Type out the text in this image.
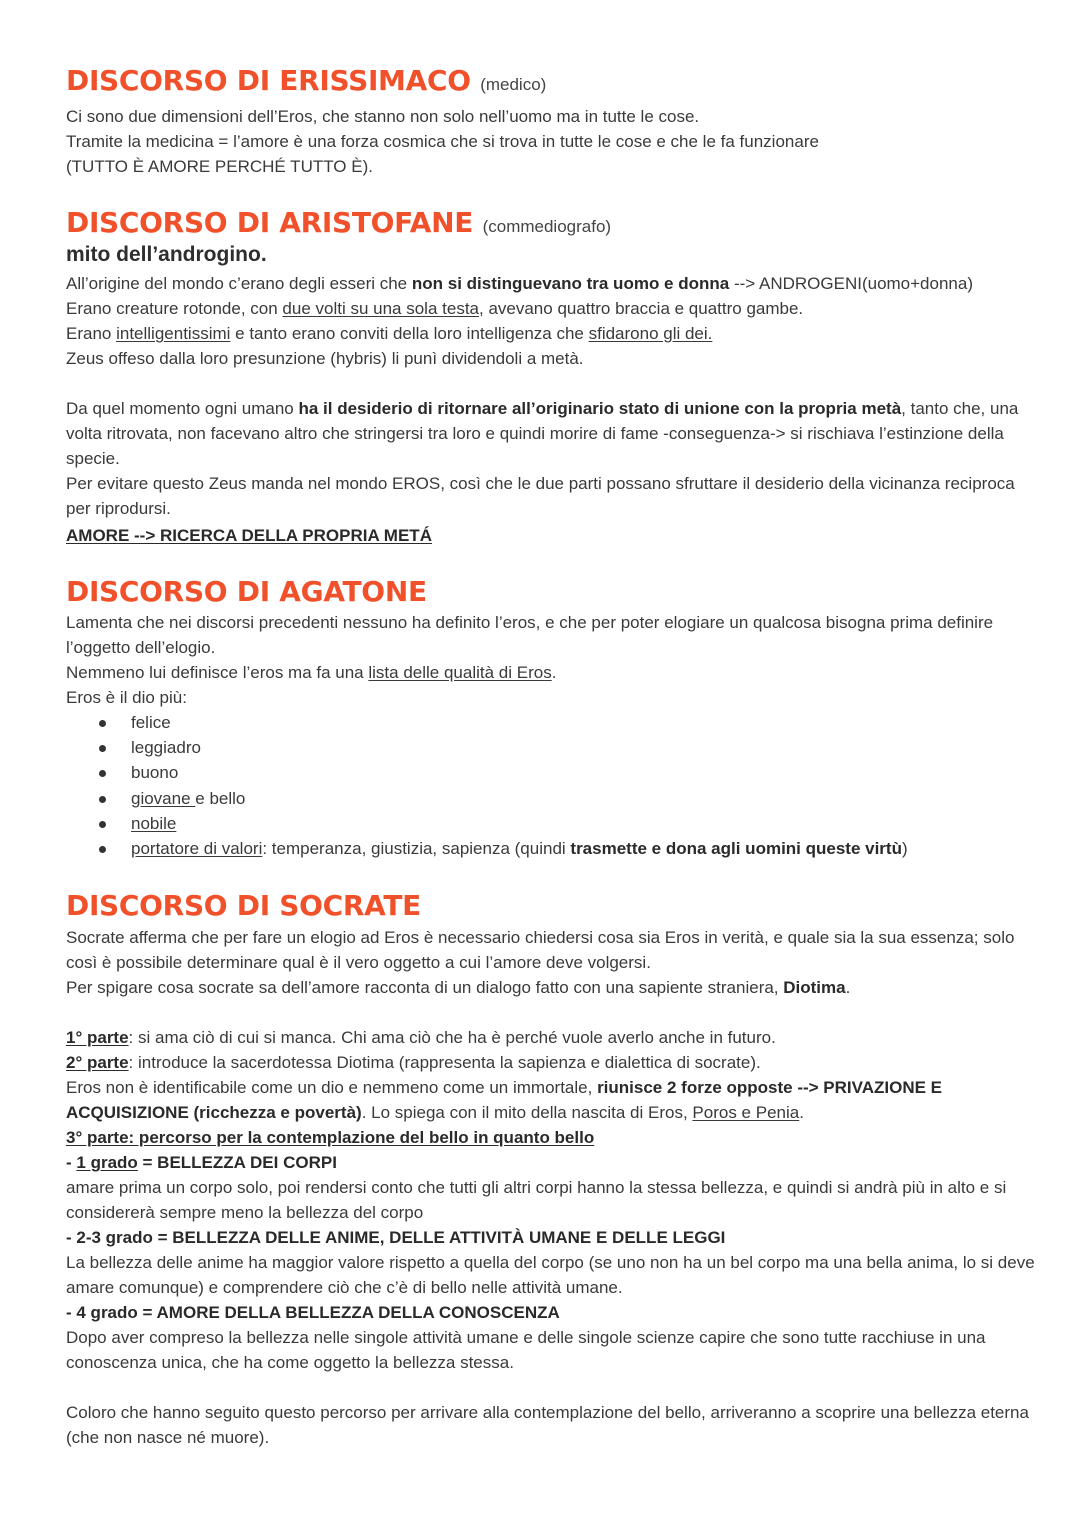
DISCORSO DI ERISSIMACO (medico)

Ci sono due dimensioni dell’Eros, che stanno non solo nell’uomo ma in tutte le cose.

Tramite la medicina = l’amore è una forza cosmica che si trova in tutte le cose e che le fa funzionare

(TUTTO È AMORE PERCHÉ TUTTO È).

DISCORSO DI ARISTOFANE (commediografo)

mito dell’androgino.

All’origine del mondo c’erano degli esseri che non si distinguevano tra uomo e donna --> ANDROGENI(uomo+donna)

Erano creature rotonde, con due volti su una sola testa, avevano quattro braccia e quattro gambe.

Erano intelligentissimi e tanto erano conviti della loro intelligenza che sfidarono gli dei.

Zeus offeso dalla loro presunzione (hybris) li punì dividendoli a metà.

Da quel momento ogni umano ha il desiderio di ritornare all’originario stato di unione con la propria metà, tanto che, una volta ritrovata, non facevano altro che stringersi tra loro e quindi morire di fame -conseguenza-> si rischiava l’estinzione della specie.

Per evitare questo Zeus manda nel mondo EROS, così che le due parti possano sfruttare il desiderio della vicinanza reciproca per riprodursi.

AMORE --> RICERCA DELLA PROPRIA METÁ

DISCORSO DI AGATONE

Lamenta che nei discorsi precedenti nessuno ha definito l’eros, e che per poter elogiare un qualcosa bisogna prima definire l’oggetto dell’elogio.

Nemmeno lui definisce l’eros ma fa una lista delle qualità di Eros.

Eros è il dio più:

felice
leggiadro
buono
giovane e bello
nobile
portatore di valori: temperanza, giustizia, sapienza (quindi trasmette e dona agli uomini queste virtù)
DISCORSO DI SOCRATE

Socrate afferma che per fare un elogio ad Eros è necessario chiedersi cosa sia Eros in verità, e quale sia la sua essenza; solo così è possibile determinare qual è il vero oggetto a cui l’amore deve volgersi.

Per spigare cosa socrate sa dell’amore racconta di un dialogo fatto con una sapiente straniera, Diotima.

1° parte: si ama ciò di cui si manca. Chi ama ciò che ha è perché vuole averlo anche in futuro.

2° parte: introduce la sacerdotessa Diotima (rappresenta la sapienza e dialettica di socrate).

Eros non è identificabile come un dio e nemmeno come un immortale, riunisce 2 forze opposte --> PRIVAZIONE E ACQUISIZIONE (ricchezza e povertà). Lo spiega con il mito della nascita di Eros, Poros e Penia.

3° parte: percorso per la contemplazione del bello in quanto bello

- 1 grado = BELLEZZA DEI CORPI

amare prima un corpo solo, poi rendersi conto che tutti gli altri corpi hanno la stessa bellezza, e quindi si andrà più in alto e si considererà sempre meno la bellezza del corpo

- 2-3 grado = BELLEZZA DELLE ANIME, DELLE ATTIVITÀ UMANE E DELLE LEGGI

La bellezza delle anime ha maggior valore rispetto a quella del corpo (se uno non ha un bel corpo ma una bella anima, lo si deve amare comunque) e comprendere ciò che c’è di bello nelle attività umane.

- 4 grado = AMORE DELLA BELLEZZA DELLA CONOSCENZA

Dopo aver compreso la bellezza nelle singole attività umane e delle singole scienze capire che sono tutte racchiuse in una conoscenza unica, che ha come oggetto la bellezza stessa.

Coloro che hanno seguito questo percorso per arrivare alla contemplazione del bello, arriveranno a scoprire una bellezza eterna (che non nasce né muore).
